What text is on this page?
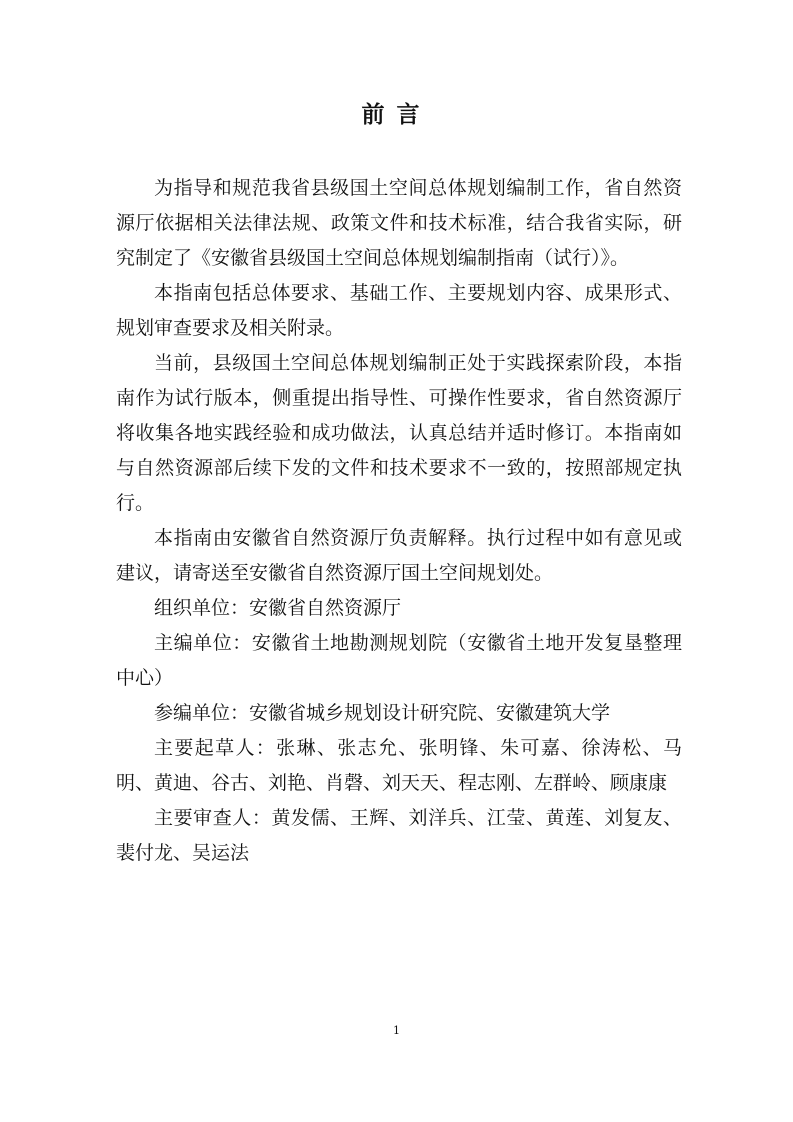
前言

为指导和规范我省县级国土空间总体规划编制工作，省自然资源厅依据相关法律法规、政策文件和技术标准，结合我省实际，研究制定了《安徽省县级国土空间总体规划编制指南（试行）》。

本指南包括总体要求、基础工作、主要规划内容、成果形式、规划审查要求及相关附录。

当前，县级国土空间总体规划编制正处于实践探索阶段，本指南作为试行版本，侧重提出指导性、可操作性要求，省自然资源厅将收集各地实践经验和成功做法，认真总结并适时修订。本指南如与自然资源部后续下发的文件和技术要求不一致的，按照部规定执行。

本指南由安徽省自然资源厅负责解释。执行过程中如有意见或建议，请寄送至安徽省自然资源厅国土空间规划处。

组织单位：安徽省自然资源厅

主编单位：安徽省土地勘测规划院（安徽省土地开发复垦整理中心）

参编单位：安徽省城乡规划设计研究院、安徽建筑大学

主要起草人：张琳、张志允、张明锋、朱可嘉、徐涛松、马明、黄迪、谷古、刘艳、肖磬、刘天天、程志刚、左群岭、顾康康

主要审查人：黄发儒、王辉、刘洋兵、江莹、黄莲、刘复友、裴付龙、吴运法

1
